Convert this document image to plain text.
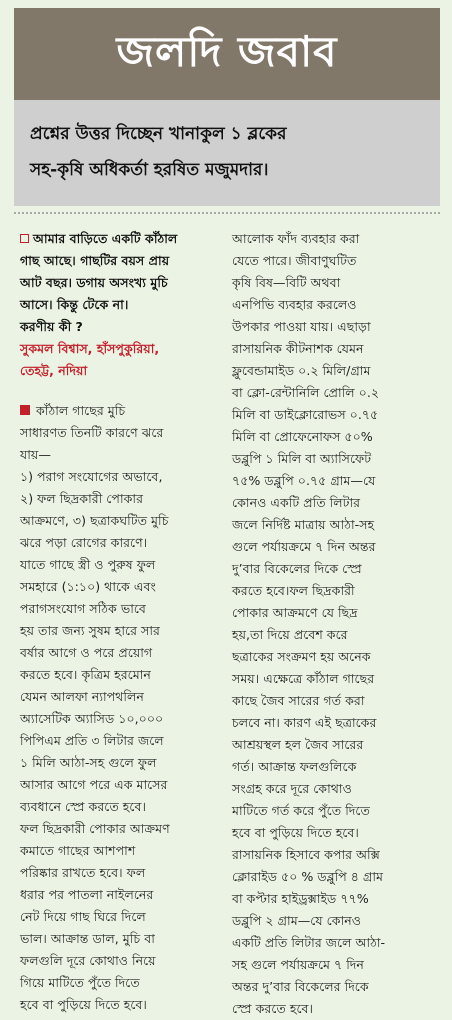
জলদি জবাব
প্রশ্নের উত্তর দিচ্ছেন খানাকুল ১ ব্লকের
সহ-কৃষি অধিকর্তা হরষিত মজুমদার।
আমার বাড়িতে একটি কাঁঠাল
গাছ আছে। গাছটির বয়স প্রায়
আট বছর। ডগায় অসংখ্য মুচি
আসে। কিন্তু টেকে না।
করণীয় কী ?
সুকমল বিশ্বাস, হাঁসপুকুরিয়া,
তেহট্ট, নদিয়া
কাঁঠাল গাছের মুচি
সাধারণত তিনটি কারণে ঝরে
যায়—
১) পরাগ সংযোগের অভাবে,
২) ফল ছিদ্রকারী পোকার
আক্রমণে, ৩) ছত্রাকঘটিত মুচি
ঝরে পড়া রোগের কারণে।
যাতে গাছে স্ত্রী ও পুরুষ ফুল
সমহারে (১:১০) থাকে এবং
পরাগসংযোগ সঠিক ভাবে
হয় তার জন্য সুষম হারে সার
বর্ষার আগে ও পরে প্রয়োগ
করতে হবে। কৃত্রিম হরমোন
যেমন আলফা ন্যাপথলিন
অ্যাসেটিক অ্যাসিড ১০,০০০
পিপিএম প্রতি ৩ লিটার জলে
১ মিলি আঠা-সহ গুলে ফুল
আসার আগে পরে এক মাসের
ব্যবধানে স্প্রে করতে হবে।
ফল ছিদ্রকারী পোকার আক্রমণ
কমাতে গাছের আশপাশ
পরিষ্কার রাখতে হবে। ফল
ধরার পর পাতলা নাইলনের
নেট দিয়ে গাছ ঘিরে দিলে
ভাল। আক্রান্ত ডাল, মুচি বা
ফলগুলি দূরে কোথাও নিয়ে
গিয়ে মাটিতে পুঁতে দিতে
হবে বা পুড়িয়ে দিতে হবে।
আলোক ফাঁদ ব্যবহার করা
যেতে পারে। জীবাণুঘটিত
কৃষি বিষ—বিটি অথবা
এনপিভি ব্যবহার করলেও
উপকার পাওয়া যায়। এছাড়া
রাসায়নিক কীটনাশক যেমন
ফ্লুবেন্ডামাইড ০.২ মিলি/গ্রাম
বা ক্লো-রেন্টানিলি প্রোলি ০.২
মিলি বা ডাইক্লোরোভস ০.৭৫
মিলি বা প্রোফেনোফস ৫০%
ডব্লুপি ১ মিলি বা অ্যাসিফেট
৭৫% ডব্লুপি ০.৭৫ গ্রাম—যে
কোনও একটি প্রতি লিটার
জলে নির্দিষ্ট মাত্রায় আঠা-সহ
গুলে পর্যায়ক্রমে ৭ দিন অন্তর
দু’বার বিকেলের দিকে স্প্রে
করতে হবে।ফল ছিদ্রকারী
পোকার আক্রমণে যে ছিদ্র
হয়,তা দিয়ে প্রবেশ করে
ছত্রাকের সংক্রমণ হয় অনেক
সময়। এক্ষেত্রে কাঁঠাল গাছের
কাছে জৈব সারের গর্ত করা
চলবে না। কারণ এই ছত্রাকের
আশ্রয়স্থল হল জৈব সারের
গর্ত। আক্রান্ত ফলগুলিকে
সংগ্রহ করে দূরে কোথাও
মাটিতে গর্ত করে পুঁতে দিতে
হবে বা পুড়িয়ে দিতে হবে।
রাসায়নিক হিসাবে কপার অক্সি
ক্লোরাইড ৫০ % ডব্লুপি ৪ গ্রাম
বা কপ্টার হাইড্রক্সাইড ৭৭%
ডব্লুপি ২ গ্রাম—যে কোনও
একটি প্রতি লিটার জলে আঠা-
সহ গুলে পর্যায়ক্রমে ৭ দিন
অন্তর দু’বার বিকেলের দিকে
স্প্রে করতে হবে।
